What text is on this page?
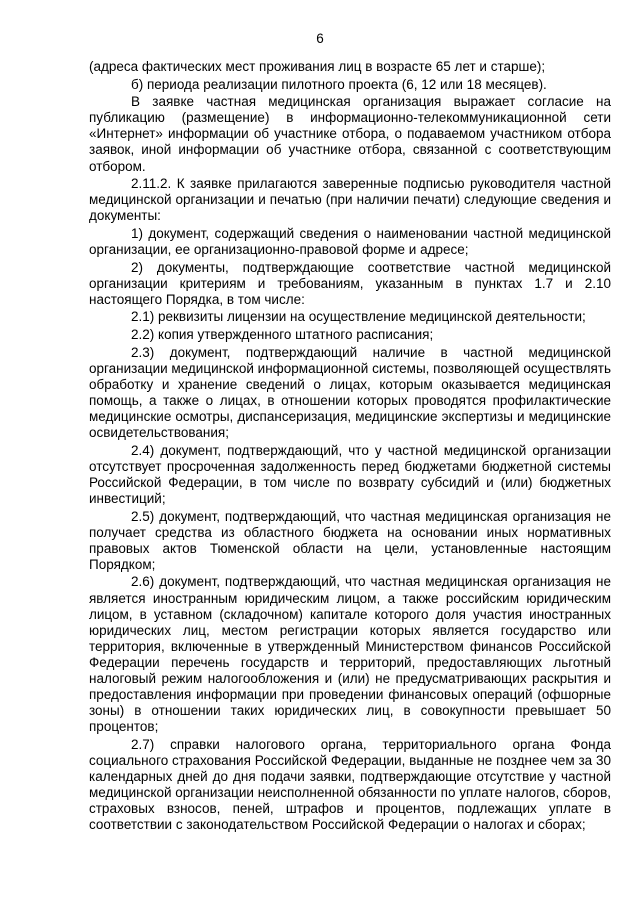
6

(адреса фактических мест проживания лиц в возрасте 65 лет и старше);

б) периода реализации пилотного проекта (6, 12 или 18 месяцев).

В заявке частная медицинская организация выражает согласие на публикацию (размещение) в информационно-телекоммуникационной сети «Интернет» информации об участнике отбора, о подаваемом участником отбора заявок, иной информации об участнике отбора, связанной с соответствующим отбором.

2.11.2. К заявке прилагаются заверенные подписью руководителя частной медицинской организации и печатью (при наличии печати) следующие сведения и документы:

1) документ, содержащий сведения о наименовании частной медицинской организации, ее организационно-правовой форме и адресе;

2) документы, подтверждающие соответствие частной медицинской организации критериям и требованиям, указанным в пунктах 1.7 и 2.10 настоящего Порядка, в том числе:

2.1) реквизиты лицензии на осуществление медицинской деятельности;

2.2) копия утвержденного штатного расписания;

2.3) документ, подтверждающий наличие в частной медицинской организации медицинской информационной системы, позволяющей осуществлять обработку и хранение сведений о лицах, которым оказывается медицинская помощь, а также о лицах, в отношении которых проводятся профилактические медицинские осмотры, диспансеризация, медицинские экспертизы и медицинские освидетельствования;

2.4) документ, подтверждающий, что у частной медицинской организации отсутствует просроченная задолженность перед бюджетами бюджетной системы Российской Федерации, в том числе по возврату субсидий и (или) бюджетных инвестиций;

2.5) документ, подтверждающий, что частная медицинская организация не получает средства из областного бюджета на основании иных нормативных правовых актов Тюменской области на цели, установленные настоящим Порядком;

2.6) документ, подтверждающий, что частная медицинская организация не является иностранным юридическим лицом, а также российским юридическим лицом, в уставном (складочном) капитале которого доля участия иностранных юридических лиц, местом регистрации которых является государство или территория, включенные в утвержденный Министерством финансов Российской Федерации перечень государств и территорий, предоставляющих льготный налоговый режим налогообложения и (или) не предусматривающих раскрытия и предоставления информации при проведении финансовых операций (офшорные зоны) в отношении таких юридических лиц, в совокупности превышает 50 процентов;

2.7) справки налогового органа, территориального органа Фонда социального страхования Российской Федерации, выданные не позднее чем за 30 календарных дней до дня подачи заявки, подтверждающие отсутствие у частной медицинской организации неисполненной обязанности по уплате налогов, сборов, страховых взносов, пеней, штрафов и процентов, подлежащих уплате в соответствии с законодательством Российской Федерации о налогах и сборах;
